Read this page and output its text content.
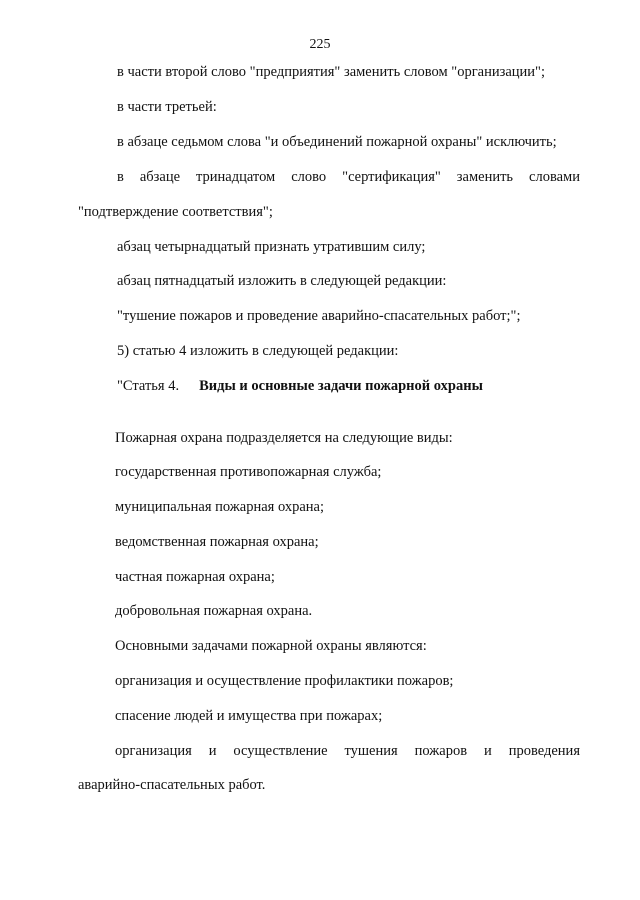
225
в части второй слово "предприятия" заменить словом "организации";
в части третьей:
в абзаце седьмом слова "и объединений пожарной охраны" исключить;
в абзаце тринадцатом слово "сертификация" заменить словами
"подтверждение соответствия";
абзац четырнадцатый признать утратившим силу;
абзац пятнадцатый изложить в следующей редакции:
"тушение пожаров и проведение аварийно-спасательных работ;";
5) статью 4 изложить в следующей редакции:
"Статья 4. Виды и основные задачи пожарной охраны
Пожарная охрана подразделяется на следующие виды:
государственная противопожарная служба;
муниципальная пожарная охрана;
ведомственная пожарная охрана;
частная пожарная охрана;
добровольная пожарная охрана.
Основными задачами пожарной охраны являются:
организация и осуществление профилактики пожаров;
спасение людей и имущества при пожарах;
организация и осуществление тушения пожаров и проведения
аварийно-спасательных работ.
